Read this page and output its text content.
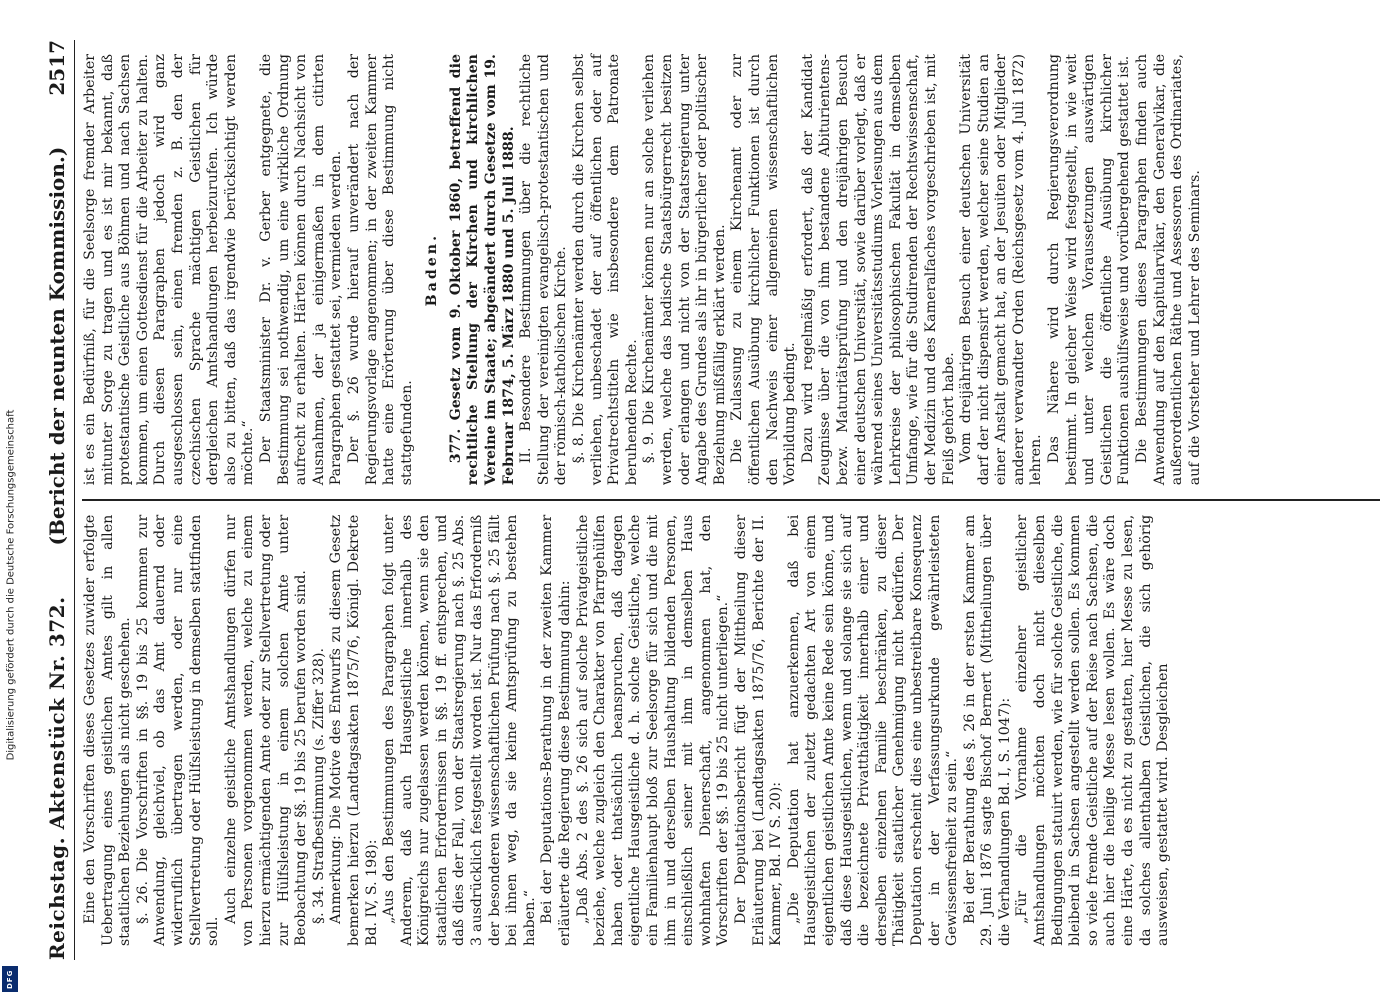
Digitalisierung gefördert durch die Deutsche Forschungsgemeinschaft
DFG
Reichstag. Aktenstück Nr. 372.
(Bericht der neunten Kommission.)
2517

Eine den Vorschriften dieses Gesetzes zuwider erfolgte Uebertragung eines geistlichen Amtes gilt in allen staatlichen Beziehungen als nicht geschehen. §. 26. Die Vorschriften in §§. 19 bis 25 kommen zur Anwendung, gleichviel, ob das Amt dauernd oder widerruflich übertragen werden, oder nur eine Stellvertretung oder Hülfsleistung in demselben stattfinden soll.

Auch einzelne geistliche Amtshandlungen dürfen nur von Personen vorgenommen werden, welche zu einem hierzu ermächtigenden Amte oder zur Stellvertretung oder zur Hülfsleistung in einem solchen Amte unter Beobachtung der §§. 19 bis 25 berufen worden sind. §. 34. Strafbestimmung (s. Ziffer 328). Anmerkung: Die Motive des Entwurfs zu diesem Gesetz bemerken hierzu (Landtagsakten 1875/76, Königl. Dekrete Bd. IV, S. 198): „Aus den Bestimmungen des Paragraphen folgt unter Anderem, daß auch Hausgeistliche innerhalb des Königreichs nur zugelassen werden können, wenn sie den staatlichen Erfordernissen in §§. 19 ff. entsprechen, und daß dies der Fall, von der Staatsregierung nach §. 25 Abs. 3 ausdrücklich festgestellt worden ist. Nur das Erforderniß der besonderen wissenschaftlichen Prüfung nach §. 25 fällt bei ihnen weg, da sie keine Amtsprüfung zu bestehen haben.“ Bei der Deputations-Berathung in der zweiten Kammer erläuterte die Regierung diese Bestimmung dahin: „Daß Abs. 2 des §. 26 sich auf solche Privatgeistliche beziehe, welche zugleich den Charakter von Pfarrgehülfen haben oder thatsächlich beanspruchen, daß dagegen eigentliche Hausgeistliche d. h. solche Geistliche, welche ein Familienhaupt bloß zur Seelsorge für sich und die mit ihm in und derselben Haushaltung bildenden Personen, einschließlich seiner mit ihm in demselben Haus wohnhaften Dienerschaft, angenommen hat, den Vorschriften der §§. 19 bis 25 nicht unterliegen.“ Der Deputationsbericht fügt der Mittheilung dieser Erläuterung bei (Landtagsakten 1875/76, Berichte der II. Kammer, Bd. IV S. 20): „Die Deputation hat anzuerkennen, daß bei Hausgeistlichen der zuletzt gedachten Art von einem eigentlichen geistlichen Amte keine Rede sein könne, und daß diese Hausgeistlichen, wenn und solange sie sich auf die bezeichnete Privatthätigkeit innerhalb einer und derselben einzelnen Familie beschränken, zu dieser Thätigkeit staatlicher Genehmigung nicht bedürfen. Der Deputation erscheint dies eine unbestreitbare Konsequenz der in der Verfassungsurkunde gewährleisteten Gewissensfreiheit zu sein.“ Bei der Berathung des §. 26 in der ersten Kammer am 29. Juni 1876 sagte Bischof Bernert (Mittheilungen über die Verhandlungen Bd. I, S. 1047): „Für die Vornahme einzelner geistlicher Amtshandlungen möchten doch nicht dieselben Bedingungen statuirt werden, wie für solche Geistliche, die bleibend in Sachsen angestellt werden sollen. Es kommen so viele fremde Geistliche auf der Reise nach Sachsen, die auch hier die heilige Messe lesen wollen. Es wäre doch eine Härte, da es nicht zu gestatten, hier Messe zu lesen, da solches allenthalben Geistlichen, die sich gehörig ausweisen, gestattet wird. Desgleichen

ist es ein Bedürfniß, für die Seelsorge fremder Arbeiter mitunter Sorge zu tragen und es ist mir bekannt, daß protestantische Geistliche aus Böhmen und nach Sachsen kommen, um einen Gottesdienst für die Arbeiter zu halten. Durch diesen Paragraphen jedoch wird ganz ausgeschlossen sein, einen fremden z. B. den der czechischen Sprache mächtigen Geistlichen für dergleichen Amtshandlungen herbeizurufen. Ich würde also zu bitten, daß das irgendwie berücksichtigt werden möchte.“ Der Staatsminister Dr. v. Gerber entgegnete, die Bestimmung sei nothwendig, um eine wirkliche Ordnung aufrecht zu erhalten. Härten können durch Nachsicht von Ausnahmen, der ja einigermaßen in dem citirten Paragraphen gestattet sei, vermieden werden. Der §. 26 wurde hierauf unverändert nach der Regierungsvorlage angenommen; in der zweiten Kammer hatte eine Erörterung über diese Bestimmung nicht stattgefunden.

Baden. 377. Gesetz vom 9. Oktober 1860, betreffend die rechtliche Stellung der Kirchen und kirchlichen Vereine im Staate; abgeändert durch Gesetze vom 19. Februar 1874, 5. März 1880 und 5. Juli 1888. II. Besondere Bestimmungen über die rechtliche Stellung der vereinigten evangelisch-protestantischen und der römisch-katholischen Kirche. §. 8. Die Kirchenämter werden durch die Kirchen selbst verliehen, unbeschadet der auf öffentlichen oder auf Privatrechtstiteln wie insbesondere dem Patronate beruhenden Rechte. §. 9. Die Kirchenämter können nur an solche verliehen werden, welche das badische Staatsbürgerrecht besitzen oder erlangen und nicht von der Staatsregierung unter Angabe des Grundes als ihr in bürgerlicher oder politischer Beziehung mißfällig erklärt werden. Die Zulassung zu einem Kirchenamt oder zur öffentlichen Ausübung kirchlicher Funktionen ist durch den Nachweis einer allgemeinen wissenschaftlichen Vorbildung bedingt. Dazu wird regelmäßig erfordert, daß der Kandidat Zeugnisse über die von ihm bestandene Abiturientens- bezw. Maturitätsprüfung und den dreijährigen Besuch einer deutschen Universität, sowie darüber vorlegt, daß er während seines Universitätsstudiums Vorlesungen aus dem Lehrkreise der philosophischen Fakultät in demselben Umfange, wie für die Studirenden der Rechtswissenschaft, der Medizin und des Kameralfaches vorgeschrieben ist, mit Fleiß gehört habe. Vom dreijährigen Besuch einer deutschen Universität darf der nicht dispensirt werden, welcher seine Studien an einer Anstalt gemacht hat, an der Jesuiten oder Mitglieder anderer verwandter Orden (Reichsgesetz vom 4. Juli 1872) lehren. Das Nähere wird durch Regierungsverordnung bestimmt. In gleicher Weise wird festgestellt, in wie weit und unter welchen Voraussetzungen auswärtigen Geistlichen die öffentliche Ausübung kirchlicher Funktionen aushülfsweise und vorübergehend gestattet ist. Die Bestimmungen dieses Paragraphen finden auch Anwendung auf den Kapitularvikar, den Generalvikar, die außerordentlichen Räthe und Assessoren des Ordinariates, auf die Vorsteher und Lehrer des Seminars.
